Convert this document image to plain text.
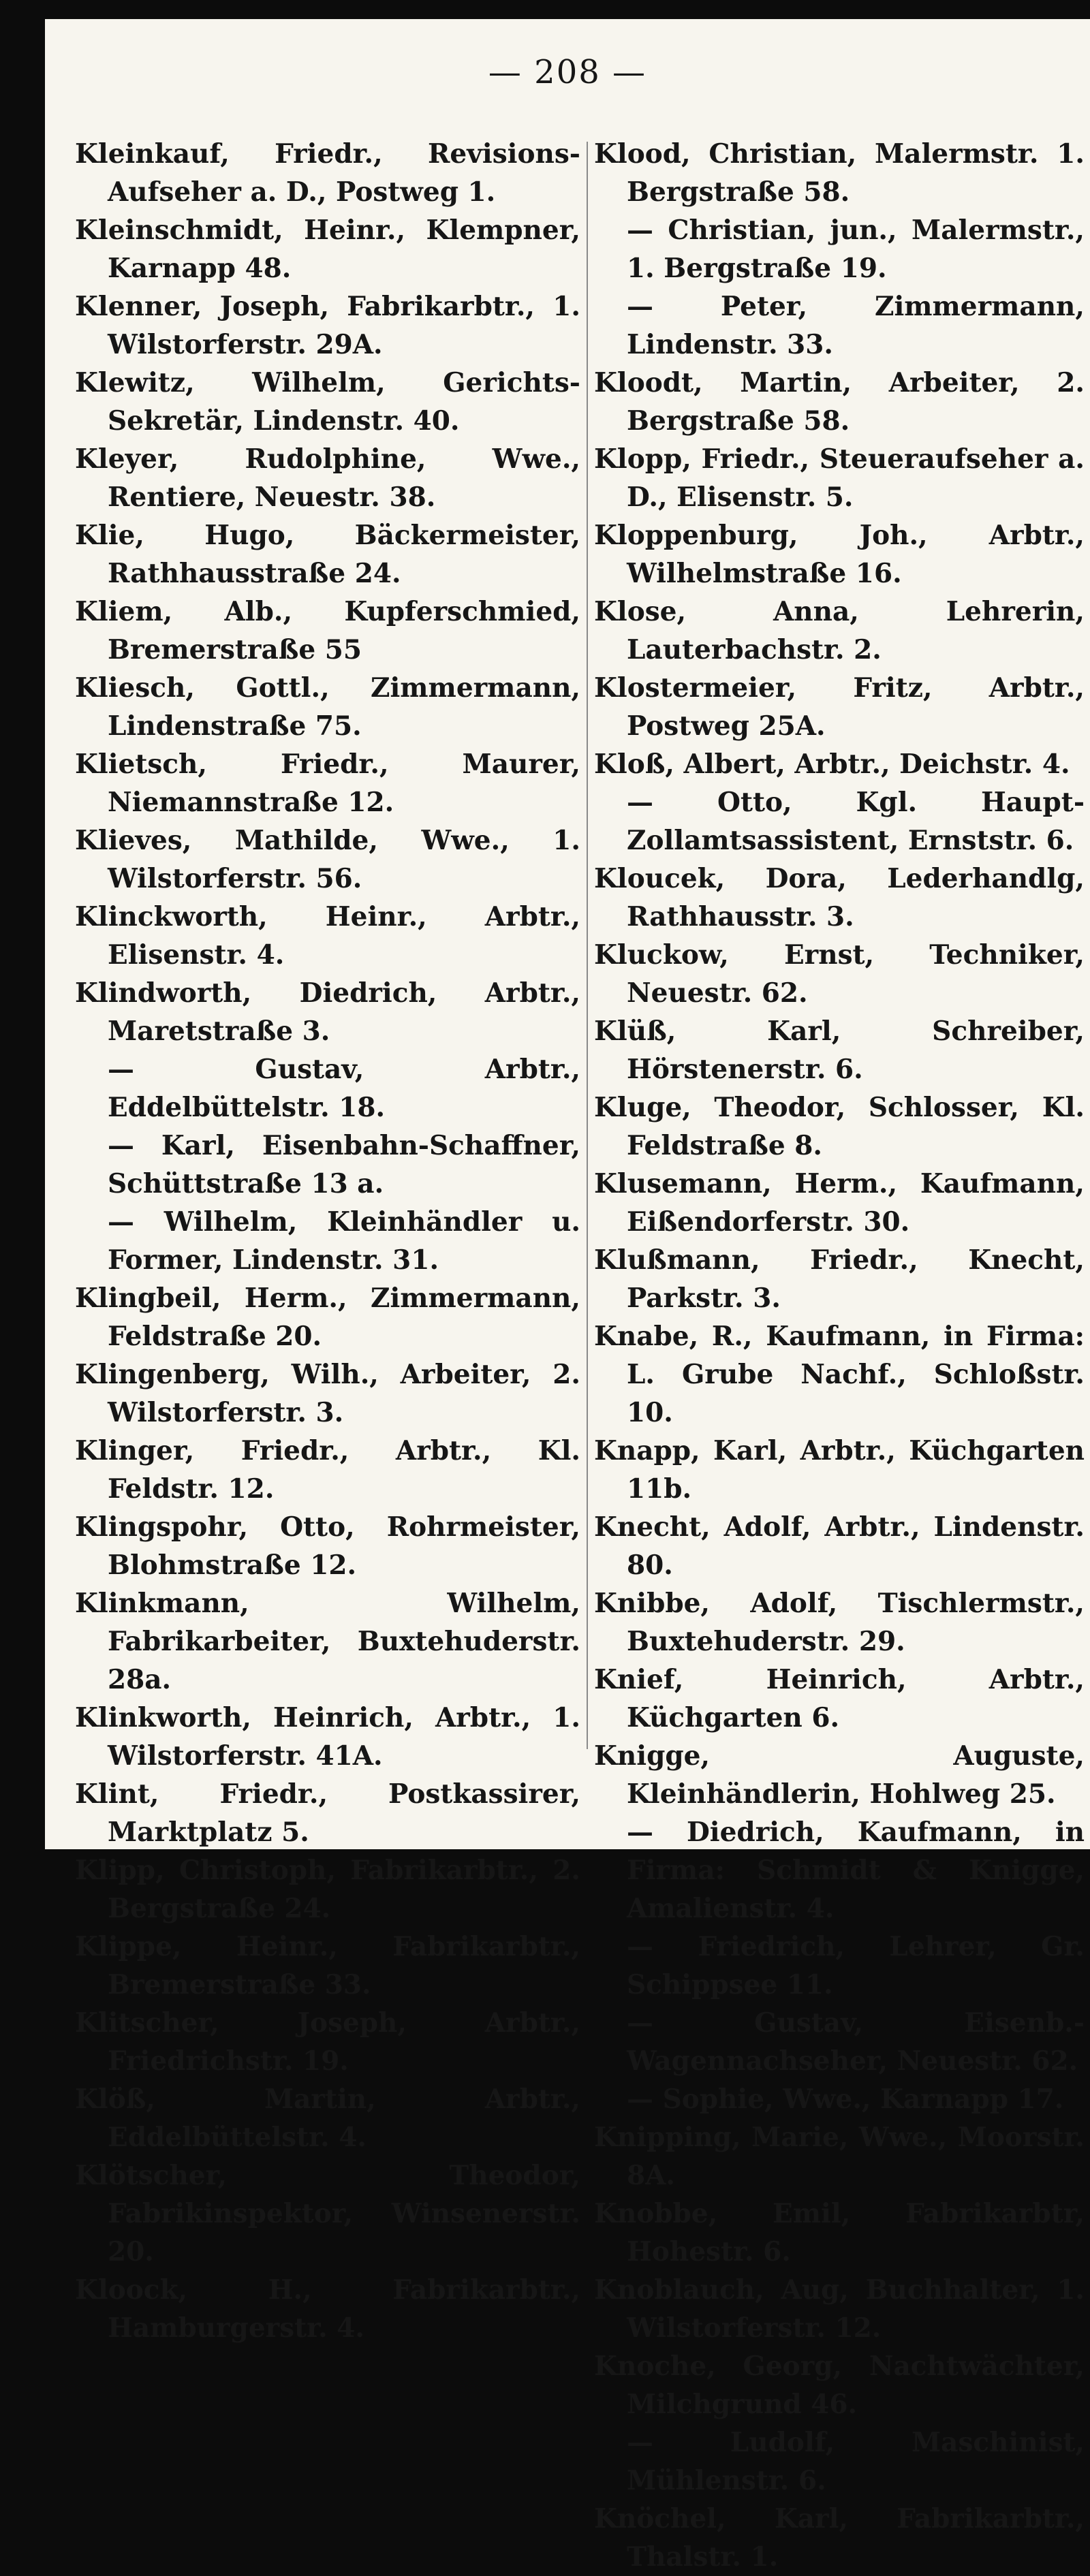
— 208 —
Kleinkauf, Friedr., Revisions-Aufseher a. D., Postweg 1.
Kleinschmidt, Heinr., Klempner, Karnapp 48.
Klenner, Joseph, Fabrikarbtr., 1. Wilstorferstr. 29A.
Klewitz, Wilhelm, Gerichts-Sekretär, Lindenstr. 40.
Kleyer, Rudolphine, Wwe., Rentiere, Neuestr. 38.
Klie, Hugo, Bäckermeister, Rathhausstraße 24.
Kliem, Alb., Kupferschmied, Bremerstraße 55
Kliesch, Gottl., Zimmermann, Lindenstraße 75.
Klietsch, Friedr., Maurer, Niemannstraße 12.
Klieves, Mathilde, Wwe., 1. Wilstorferstr. 56.
Klinckworth, Heinr., Arbtr., Elisenstr. 4.
Klindworth, Diedrich, Arbtr., Maretstraße 3.
— Gustav, Arbtr., Eddelbüttelstr. 18.
— Karl, Eisenbahn-Schaffner, Schüttstraße 13 a.
— Wilhelm, Kleinhändler u. Former, Lindenstr. 31.
Klingbeil, Herm., Zimmermann, Feldstraße 20.
Klingenberg, Wilh., Arbeiter, 2. Wilstorferstr. 3.
Klinger, Friedr., Arbtr., Kl. Feldstr. 12.
Klingspohr, Otto, Rohrmeister, Blohmstraße 12.
Klinkmann, Wilhelm, Fabrikarbeiter, Buxtehuderstr. 28a.
Klinkworth, Heinrich, Arbtr., 1. Wilstorferstr. 41A.
Klint, Friedr., Postkassirer, Marktplatz 5.
Klipp, Christoph, Fabrikarbtr., 2. Bergstraße 24.
Klippe, Heinr., Fabrikarbtr., Bremerstraße 33.
Klitscher, Joseph, Arbtr., Friedrichstr. 19.
Klöß, Martin, Arbtr., Eddelbüttelstr. 4.
Klötscher, Theodor, Fabrikinspektor, Winsenerstr. 20.
Kloock, H., Fabrikarbtr., Hamburgerstr. 4.
Klood, Christian, Malermstr. 1. Bergstraße 58.
— Christian, jun., Malermstr., 1. Bergstraße 19.
— Peter, Zimmermann, Lindenstr. 33.
Kloodt, Martin, Arbeiter, 2. Bergstraße 58.
Klopp, Friedr., Steueraufseher a. D., Elisenstr. 5.
Kloppenburg, Joh., Arbtr., Wilhelmstraße 16.
Klose, Anna, Lehrerin, Lauterbachstr. 2.
Klostermeier, Fritz, Arbtr., Postweg 25A.
Kloß, Albert, Arbtr., Deichstr. 4.
— Otto, Kgl. Haupt-Zollamtsassistent, Ernststr. 6.
Kloucek, Dora, Lederhandlg, Rathhausstr. 3.
Kluckow, Ernst, Techniker, Neuestr. 62.
Klüß, Karl, Schreiber, Hörstenerstr. 6.
Kluge, Theodor, Schlosser, Kl. Feldstraße 8.
Klusemann, Herm., Kaufmann, Eißendorferstr. 30.
Klußmann, Friedr., Knecht, Parkstr. 3.
Knabe, R., Kaufmann, in Firma: L. Grube Nachf., Schloßstr. 10.
Knapp, Karl, Arbtr., Küchgarten 11b.
Knecht, Adolf, Arbtr., Lindenstr. 80.
Knibbe, Adolf, Tischlermstr., Buxtehuderstr. 29.
Knief, Heinrich, Arbtr., Küchgarten 6.
Knigge, Auguste, Kleinhändlerin, Hohlweg 25.
— Diedrich, Kaufmann, in Firma: Schmidt & Knigge, Amalienstr. 4.
— Friedrich, Lehrer, Gr. Schippsee 11.
— Gustav, Eisenb.-Wagennachseher, Neuestr. 62.
— Sophie, Wwe., Karnapp 17.
Knipping, Marie, Wwe., Moorstr. 8A.
Knobbe, Emil, Fabrikarbtr, Hohestr. 6.
Knoblauch, Aug, Buchhalter, 1. Wilstorferstr. 12.
Knoche, Georg, Nachtwächter, Milchgrund 46.
— Ludolf, Maschinist, Mühlenstr. 6.
Knöchel, Karl, Fabrikarbtr., Thalstr. 1.
